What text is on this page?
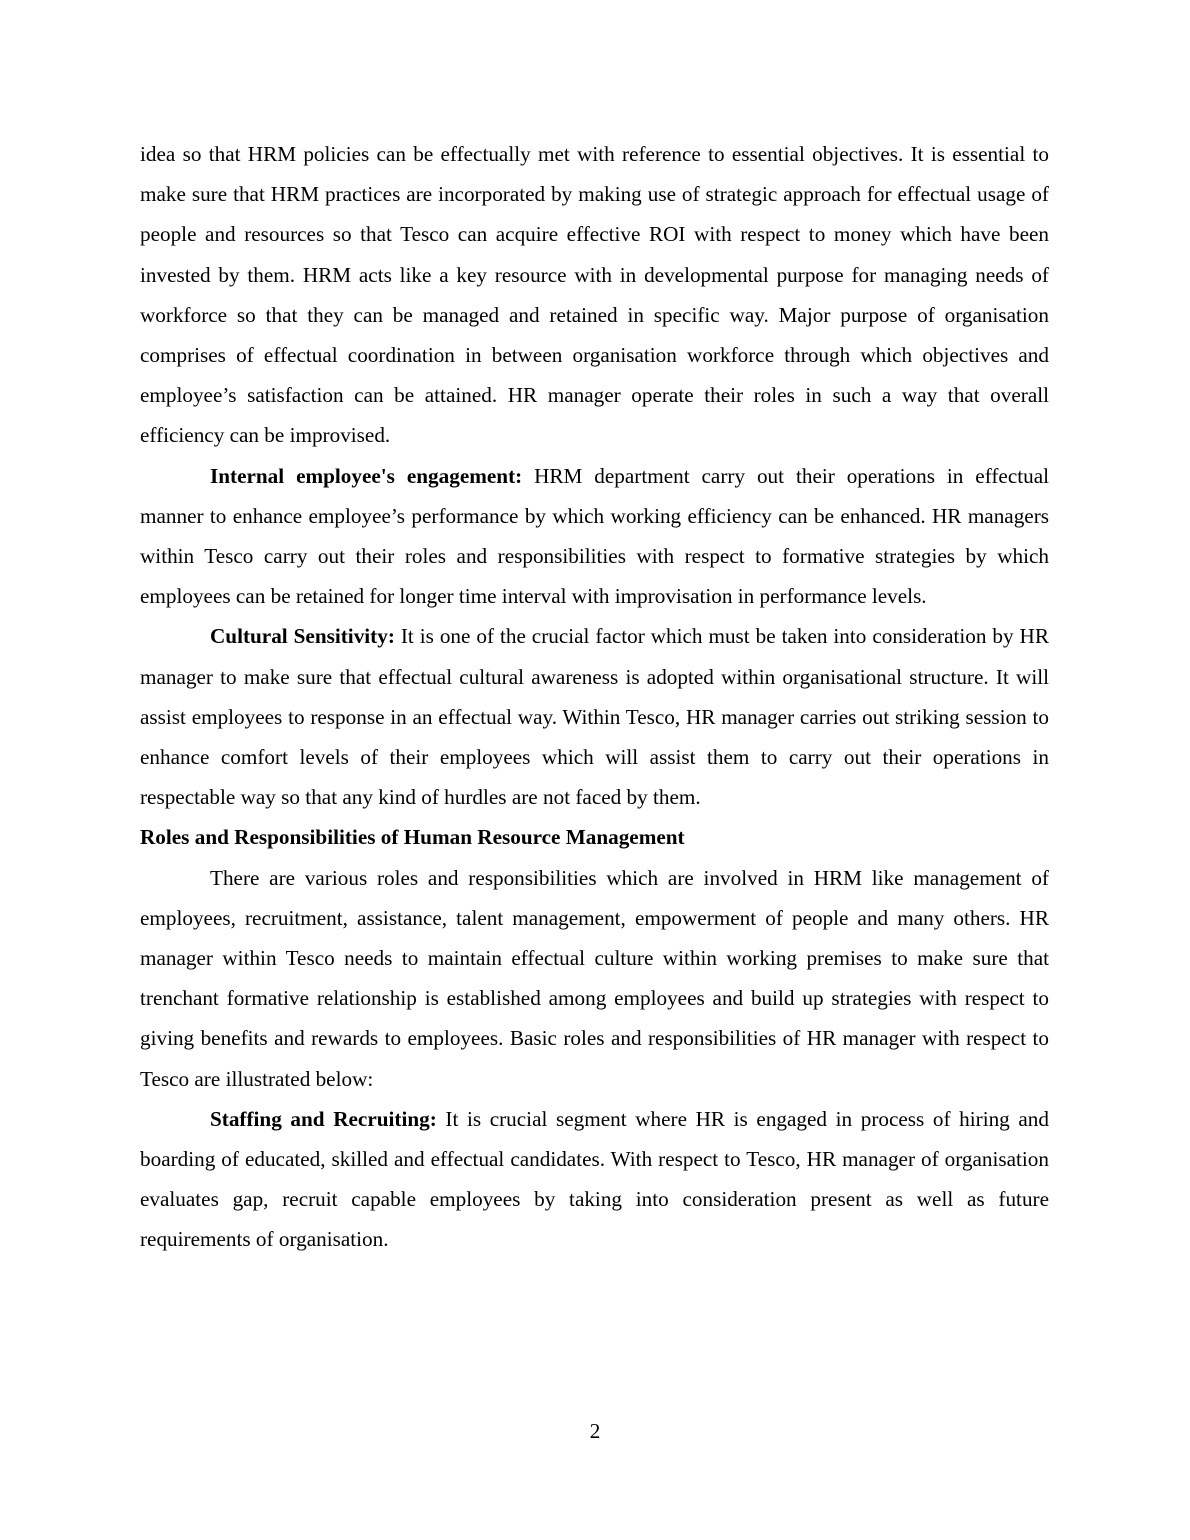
idea so that HRM policies can be effectually met with reference to essential objectives. It is essential to make sure that HRM practices are incorporated by making use of strategic approach for effectual usage of people and resources so that Tesco can acquire effective ROI with respect to money which have been invested by them. HRM acts like a key resource with in developmental purpose for managing needs of workforce so that they can be managed and retained in specific way. Major purpose of organisation comprises of effectual coordination in between organisation workforce through which objectives and employee’s satisfaction can be attained. HR manager operate their roles in such a way that overall efficiency can be improvised.

Internal employee's engagement: HRM department carry out their operations in effectual manner to enhance employee’s performance by which working efficiency can be enhanced. HR managers within Tesco carry out their roles and responsibilities with respect to formative strategies by which employees can be retained for longer time interval with improvisation in performance levels.

Cultural Sensitivity: It is one of the crucial factor which must be taken into consideration by HR manager to make sure that effectual cultural awareness is adopted within organisational structure. It will assist employees to response in an effectual way. Within Tesco, HR manager carries out striking session to enhance comfort levels of their employees which will assist them to carry out their operations in respectable way so that any kind of hurdles are not faced by them.

Roles and Responsibilities of Human Resource Management

There are various roles and responsibilities which are involved in HRM like management of employees, recruitment, assistance, talent management, empowerment of people and many others. HR manager within Tesco needs to maintain effectual culture within working premises to make sure that trenchant formative relationship is established among employees and build up strategies with respect to giving benefits and rewards to employees. Basic roles and responsibilities of HR manager with respect to Tesco are illustrated below:

Staffing and Recruiting: It is crucial segment where HR is engaged in process of hiring and boarding of educated, skilled and effectual candidates. With respect to Tesco, HR manager of organisation evaluates gap, recruit capable employees by taking into consideration present as well as future requirements of organisation.

2
